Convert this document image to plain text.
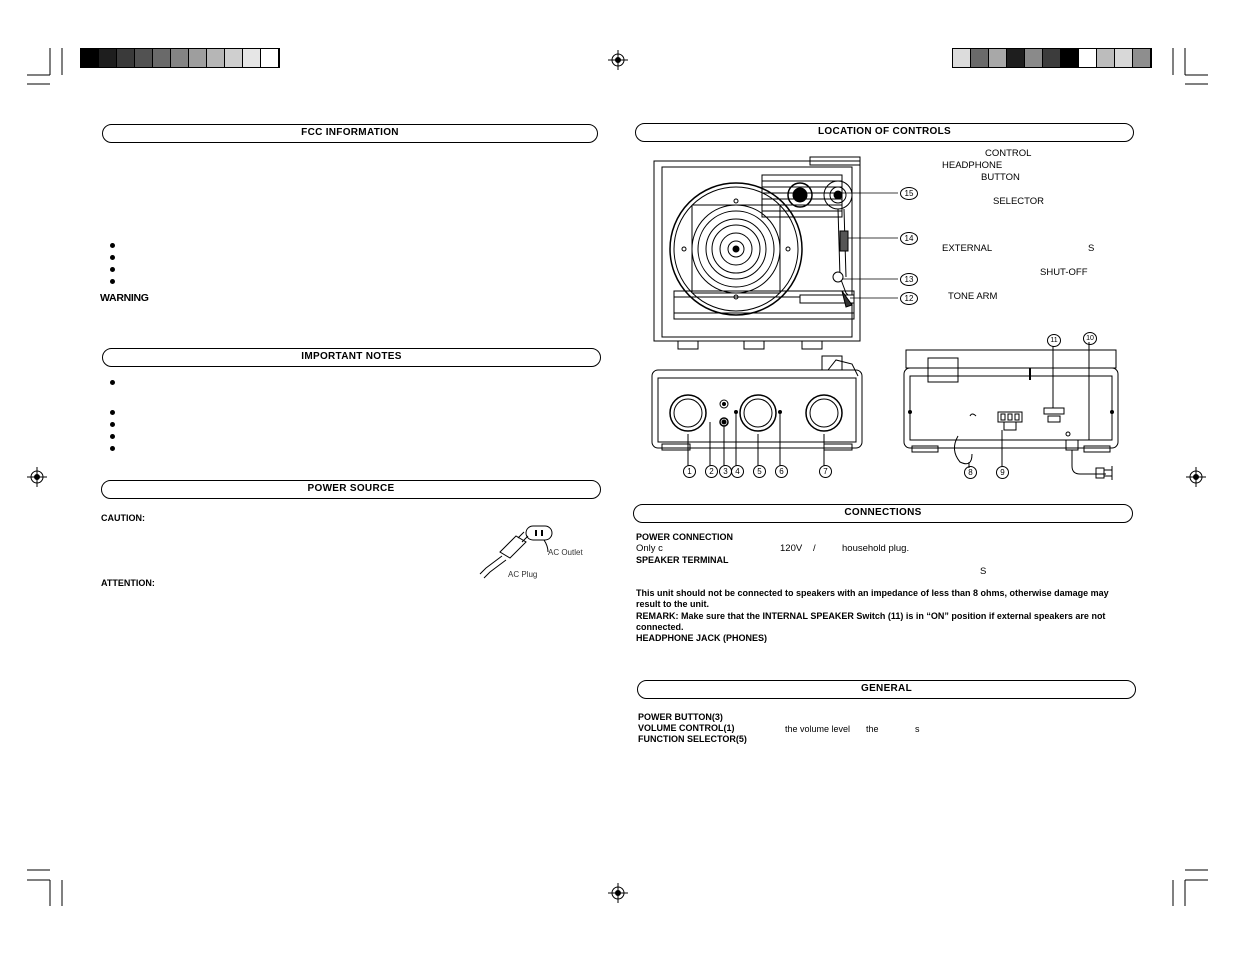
FCC INFORMATION
WARNING
IMPORTANT NOTES
POWER SOURCE
CAUTION:
ATTENTION:
AC Outlet
AC Plug
LOCATION OF CONTROLS
15
14
13
12
CONTROL
HEADPHONE
BUTTON
SELECTOR
EXTERNAL	S
SHUT-OFF
TONE ARM
1	2	3 4	5	6	7
11	10
8	9
CONNECTIONS
POWER CONNECTION
Only c	120V /	household plug.
SPEAKER TERMINAL
S
This unit should not be connected to speakers with an impedance of less than 8 ohms, otherwise damage may
result to the unit.
REMARK: Make sure that the INTERNAL SPEAKER Switch (11) is in “ON” position if external speakers are not
connected.
HEADPHONE JACK (PHONES)
GENERAL
POWER BUTTON(3)
VOLUME CONTROL(1)	the volume level the	s
FUNCTION SELECTOR(5)
